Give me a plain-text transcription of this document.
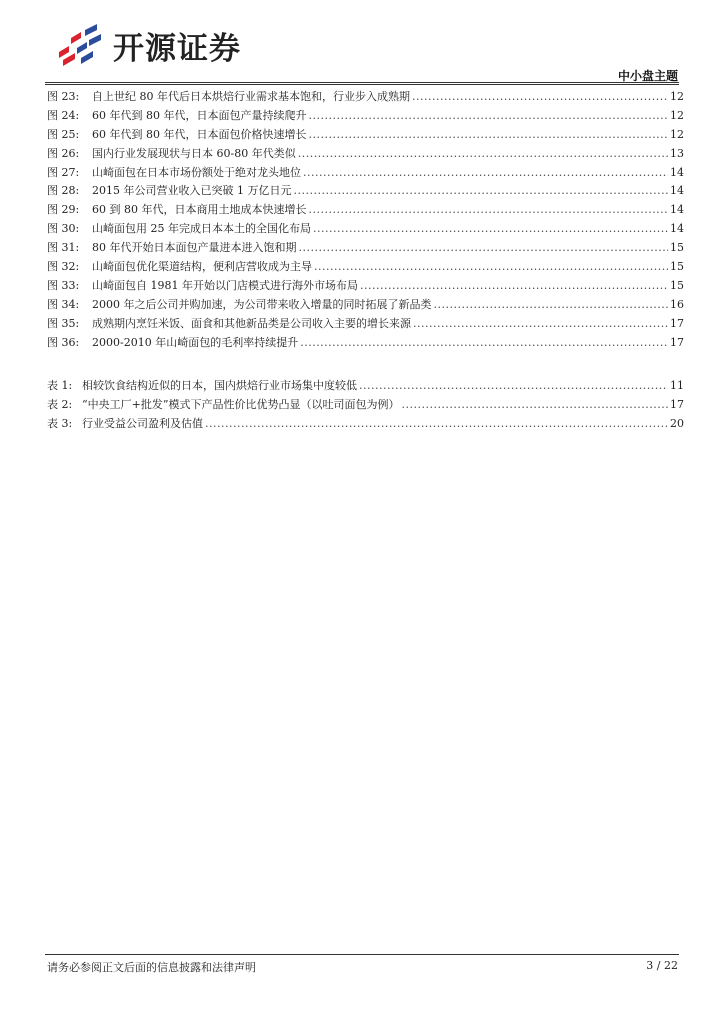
开源证券
中小盘主题
图 23:	自上世纪 80 年代后日本烘焙行业需求基本饱和，行业步入成熟期 .....	12
图 24:	60 年代到 80 年代，日本面包产量持续爬升 .....	12
图 25:	60 年代到 80 年代，日本面包价格快速增长 .....	12
图 26:	国内行业发展现状与日本 60-80 年代类似 .....	13
图 27:	山崎面包在日本市场份额处于绝对龙头地位 .....	14
图 28:	2015 年公司营业收入已突破 1 万亿日元 .....	14
图 29:	60 到 80 年代，日本商用土地成本快速增长 .....	14
图 30:	山崎面包用 25 年完成日本本土的全国化布局 .....	14
图 31:	80 年代开始日本面包产量进本进入饱和期 .....	15
图 32:	山崎面包优化渠道结构，便利店营收成为主导 .....	15
图 33:	山崎面包自 1981 年开始以门店模式进行海外市场布局 .....	15
图 34:	2000 年之后公司并购加速，为公司带来收入增量的同时拓展了新品类 .....	16
图 35:	成熟期内烹饪米饭、面食和其他新品类是公司收入主要的增长来源 .....	17
图 36:	2000-2010 年山崎面包的毛利率持续提升 .....	17
表 1: 相较饮食结构近似的日本，国内烘焙行业市场集中度较低 .....	11
表 2: “中央工厂+批发”模式下产品性价比优势凸显（以吐司面包为例） .....	17
表 3: 行业受益公司盈利及估值 .....	20
请务必参阅正文后面的信息披露和法律声明	3 / 22
